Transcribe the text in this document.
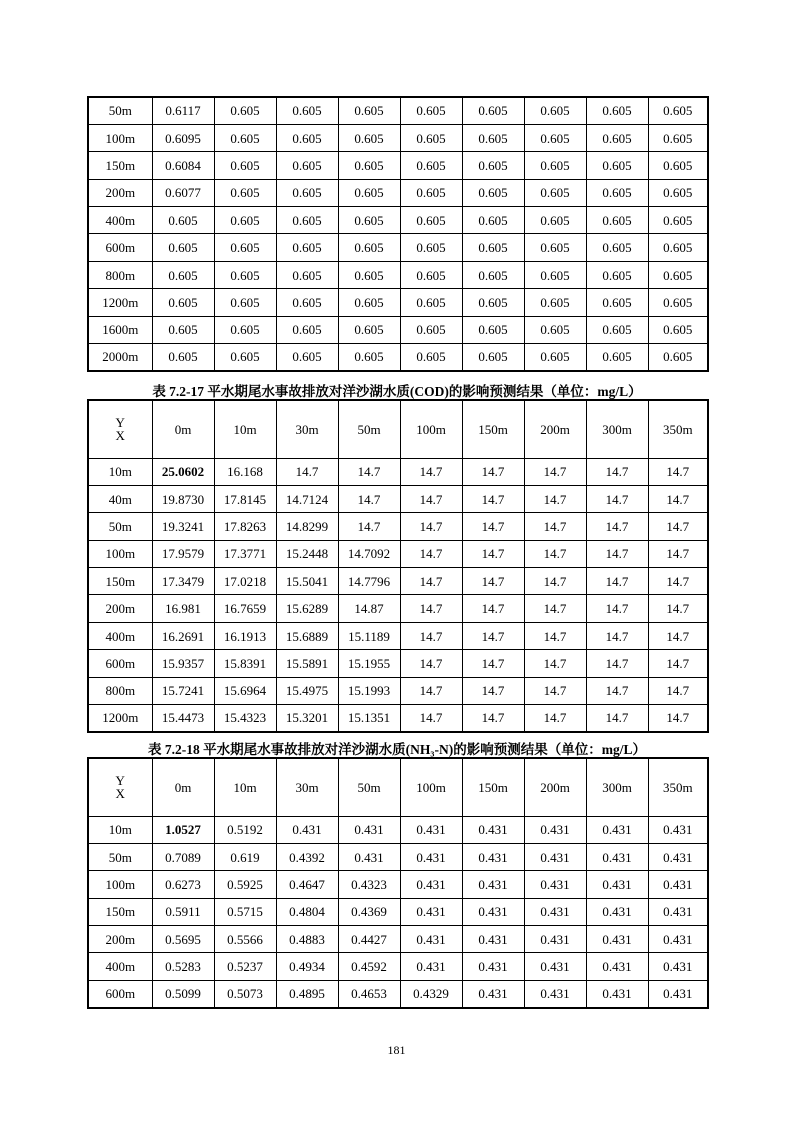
50m	0.6117	0.605	0.605	0.605	0.605	0.605	0.605	0.605	0.605
100m	0.6095	0.605	0.605	0.605	0.605	0.605	0.605	0.605	0.605
150m	0.6084	0.605	0.605	0.605	0.605	0.605	0.605	0.605	0.605
200m	0.6077	0.605	0.605	0.605	0.605	0.605	0.605	0.605	0.605
400m	0.605	0.605	0.605	0.605	0.605	0.605	0.605	0.605	0.605
600m	0.605	0.605	0.605	0.605	0.605	0.605	0.605	0.605	0.605
800m	0.605	0.605	0.605	0.605	0.605	0.605	0.605	0.605	0.605
1200m	0.605	0.605	0.605	0.605	0.605	0.605	0.605	0.605	0.605
1600m	0.605	0.605	0.605	0.605	0.605	0.605	0.605	0.605	0.605
2000m	0.605	0.605	0.605	0.605	0.605	0.605	0.605	0.605	0.605
表 7.2-17 平水期尾水事故排放对洋沙湖水质(COD)的影响预测结果（单位：mg/L）
Y
X	0m	10m	30m	50m	100m	150m	200m	300m	350m
10m	25.0602	16.168	14.7	14.7	14.7	14.7	14.7	14.7	14.7
40m	19.8730	17.8145	14.7124	14.7	14.7	14.7	14.7	14.7	14.7
50m	19.3241	17.8263	14.8299	14.7	14.7	14.7	14.7	14.7	14.7
100m	17.9579	17.3771	15.2448	14.7092	14.7	14.7	14.7	14.7	14.7
150m	17.3479	17.0218	15.5041	14.7796	14.7	14.7	14.7	14.7	14.7
200m	16.981	16.7659	15.6289	14.87	14.7	14.7	14.7	14.7	14.7
400m	16.2691	16.1913	15.6889	15.1189	14.7	14.7	14.7	14.7	14.7
600m	15.9357	15.8391	15.5891	15.1955	14.7	14.7	14.7	14.7	14.7
800m	15.7241	15.6964	15.4975	15.1993	14.7	14.7	14.7	14.7	14.7
1200m	15.4473	15.4323	15.3201	15.1351	14.7	14.7	14.7	14.7	14.7
表 7.2-18 平水期尾水事故排放对洋沙湖水质(NH₃-N)的影响预测结果（单位：mg/L）
Y
X	0m	10m	30m	50m	100m	150m	200m	300m	350m
10m	1.0527	0.5192	0.431	0.431	0.431	0.431	0.431	0.431	0.431
50m	0.7089	0.619	0.4392	0.431	0.431	0.431	0.431	0.431	0.431
100m	0.6273	0.5925	0.4647	0.4323	0.431	0.431	0.431	0.431	0.431
150m	0.5911	0.5715	0.4804	0.4369	0.431	0.431	0.431	0.431	0.431
200m	0.5695	0.5566	0.4883	0.4427	0.431	0.431	0.431	0.431	0.431
400m	0.5283	0.5237	0.4934	0.4592	0.431	0.431	0.431	0.431	0.431
600m	0.5099	0.5073	0.4895	0.4653	0.4329	0.431	0.431	0.431	0.431
181
